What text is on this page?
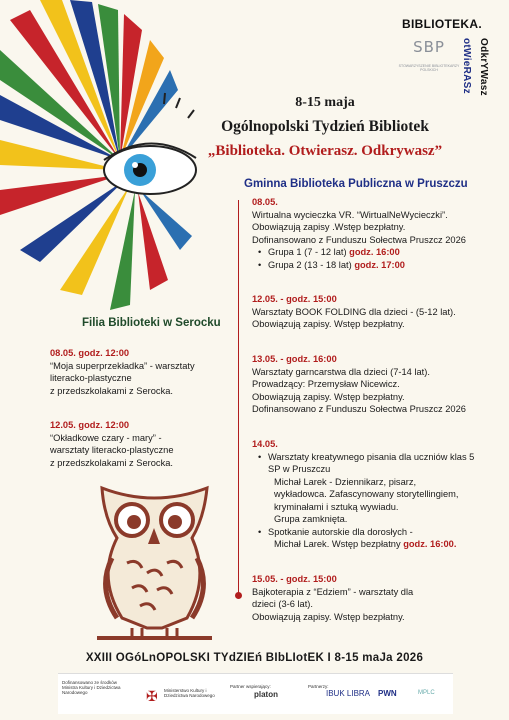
BIBLIOTEKA.
SBP
STOWARZYSZENIE BIBLIOTEKARZY POLSKICH	otWieRASz OdkrYWasz
8-15 maja
Ogólnopolski Tydzień Bibliotek
„Biblioteka. Otwierasz. Odkrywasz”
Gminna Biblioteka Publiczna w Pruszczu
08.05.
Wirtualna wycieczka VR. “WirtualNeWycieczki”.
Obowiązują zapisy .Wstęp bezpłatny.
Dofinansowano z Funduszu Sołectwa Pruszcz 2026
• Grupa 1 (7 - 12 lat) godz. 16:00
• Grupa 2 (13 - 18 lat) godz. 17:00
12.05. - godz. 15:00
Warsztaty BOOK FOLDING dla dzieci - (5-12 lat).
Obowiązują zapisy. Wstęp bezpłatny.
13.05. - godz. 16:00
Warsztaty garncarstwa dla dzieci (7-14 lat).
Prowadzący: Przemysław Nicewicz.
Obowiązują zapisy. Wstęp bezpłatny.
Dofinansowano z Funduszu Sołectwa Pruszcz 2026
14.05.
• Warsztaty kreatywnego pisania dla uczniów klas 5
SP w Pruszczu
Michał Larek - Dziennikarz, pisarz,
wykładowca. Zafascynowany storytellingiem,
kryminałami i sztuką wywiadu.
Grupa zamknięta.
• Spotkanie autorskie dla dorosłych -
Michał Larek. Wstęp bezpłatny godz. 16:00.
15.05. - godz. 15:00
Bajkoterapia z “Edziem” - warsztaty dla
dzieci (3-6 lat).
Obowiązują zapisy. Wstęp bezpłatny.
Filia Biblioteki w Serocku
08.05. godz. 12:00
“Moja superprzekładka” - warsztaty
literacko-plastyczne
z przedszkolakami z Serocka.
12.05. godz. 12:00
“Okładkowe czary - mary” -
warsztaty literacko-plastyczne
z przedszkolakami z Serocka.
XXIII OGóLnOPOLSKI TYdZIEń BIbLIotEK I 8-15 maJa 2026
Dofinansowano ze środków Ministra Kultury i Dziedzictwa Narodowego	✠ Ministerstwo Kultury i Dziedzictwa Narodowego
Partner wspierający:
platon
Partnerzy:
IBUK LIBRA PWN	MPLC
